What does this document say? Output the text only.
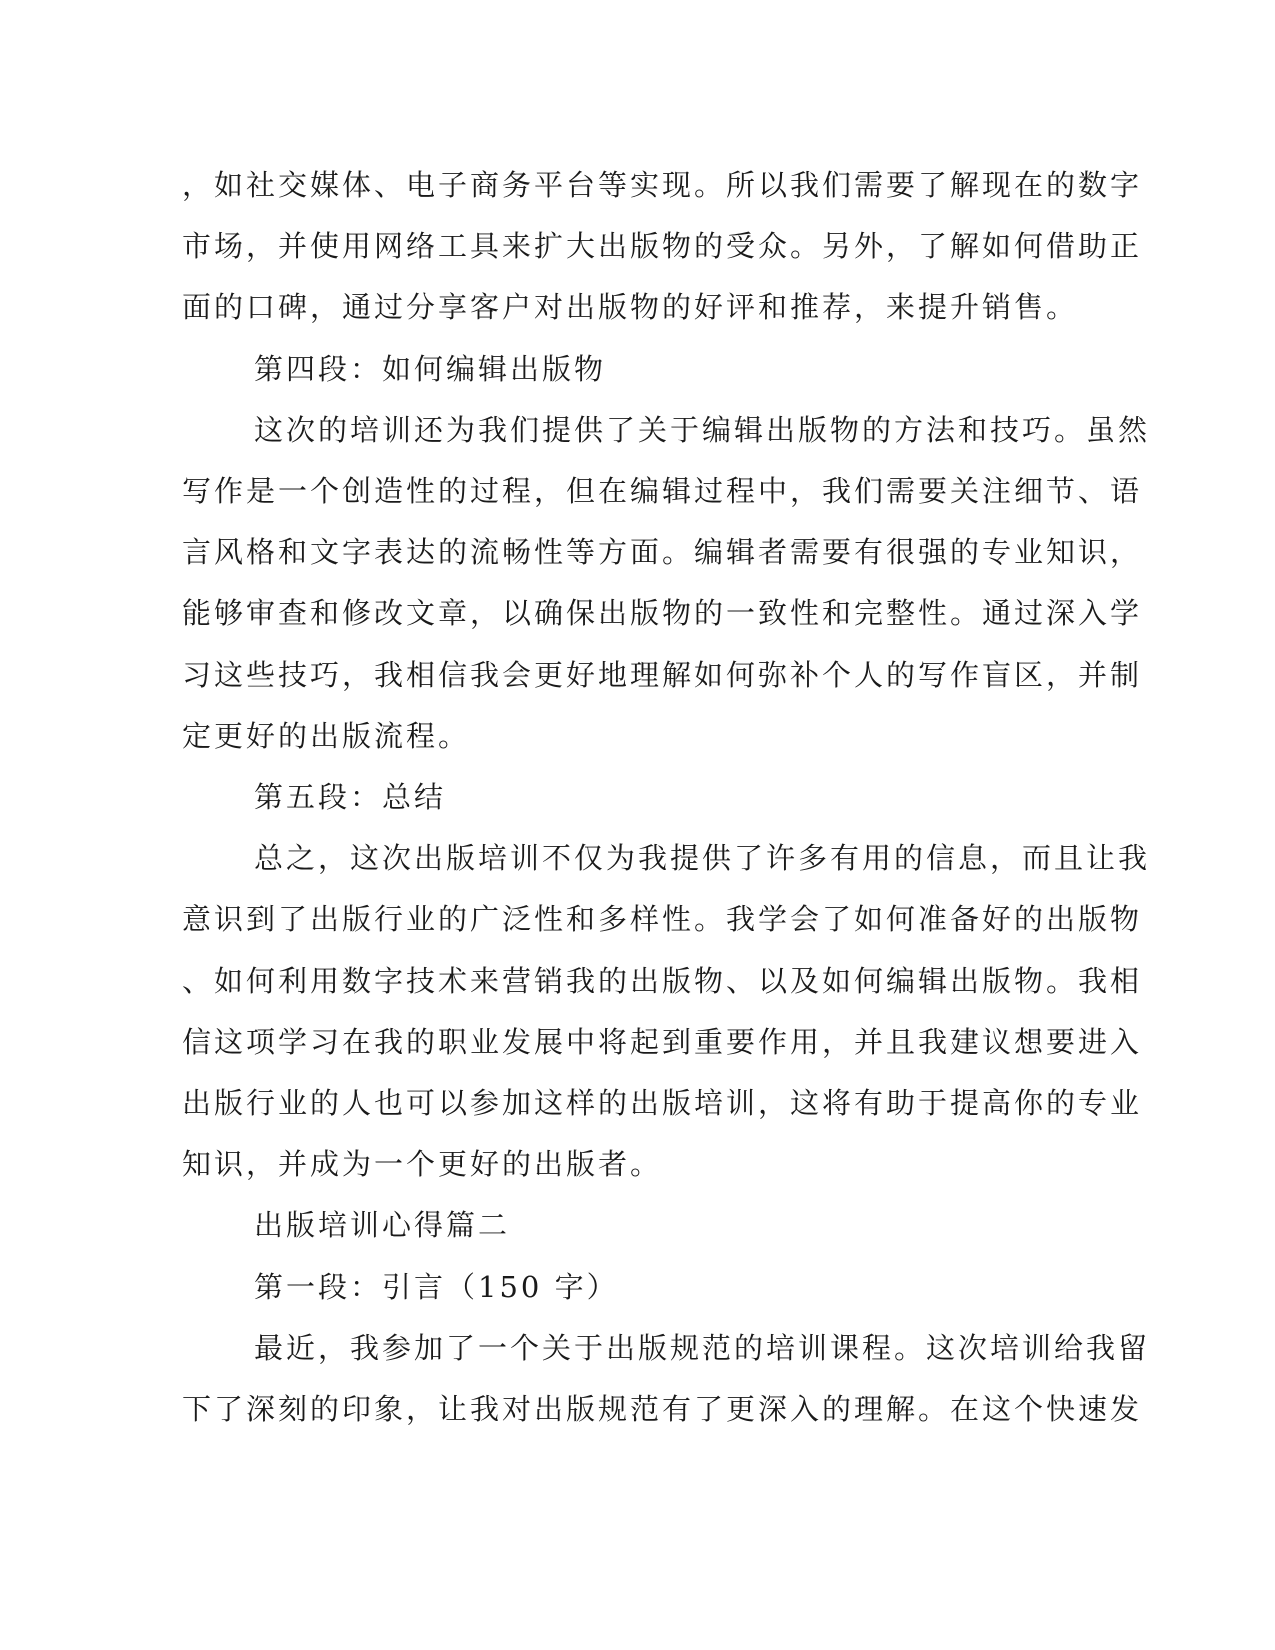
，如社交媒体、电子商务平台等实现。所以我们需要了解现在的数字

市场，并使用网络工具来扩大出版物的受众。另外，了解如何借助正

面的口碑，通过分享客户对出版物的好评和推荐，来提升销售。

第四段：如何编辑出版物

这次的培训还为我们提供了关于编辑出版物的方法和技巧。虽然

写作是一个创造性的过程，但在编辑过程中，我们需要关注细节、语

言风格和文字表达的流畅性等方面。编辑者需要有很强的专业知识，

能够审查和修改文章，以确保出版物的一致性和完整性。通过深入学

习这些技巧，我相信我会更好地理解如何弥补个人的写作盲区，并制

定更好的出版流程。

第五段：总结

总之，这次出版培训不仅为我提供了许多有用的信息，而且让我

意识到了出版行业的广泛性和多样性。我学会了如何准备好的出版物

、如何利用数字技术来营销我的出版物、以及如何编辑出版物。我相

信这项学习在我的职业发展中将起到重要作用，并且我建议想要进入

出版行业的人也可以参加这样的出版培训，这将有助于提高你的专业

知识，并成为一个更好的出版者。

出版培训心得篇二

第一段：引言（150 字）

最近，我参加了一个关于出版规范的培训课程。这次培训给我留

下了深刻的印象，让我对出版规范有了更深入的理解。在这个快速发
